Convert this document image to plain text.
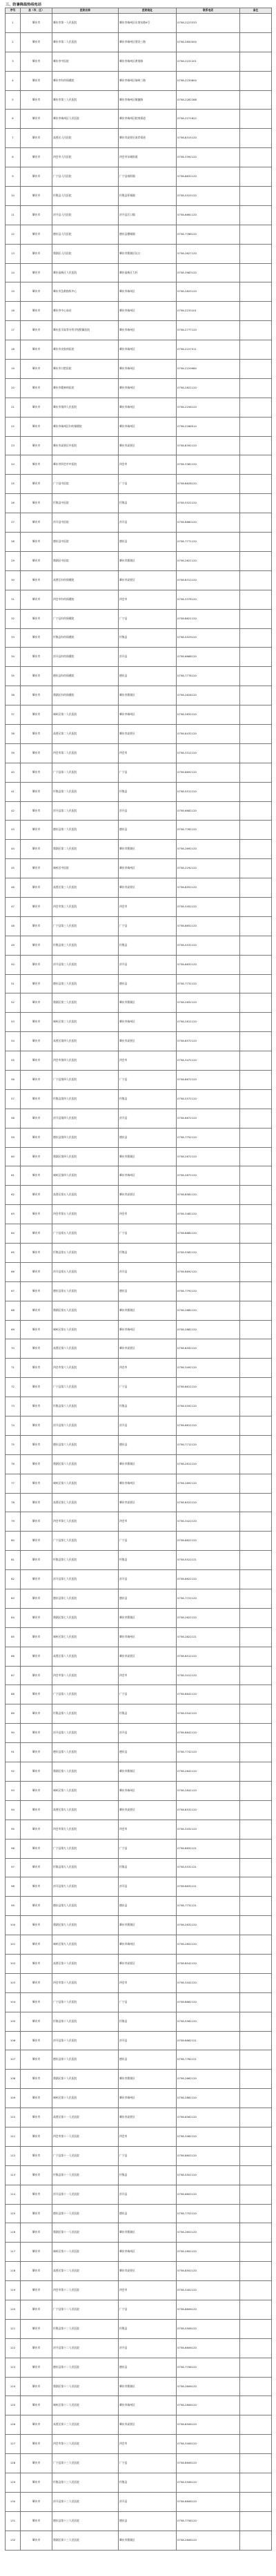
三、防暑降温热线电话
序号	县（市、区）	医院名称	医院地址	联系电话	备注
1	肇庆市	肇庆市第一人民医院	肇庆市端州区东岗东路9号	0758-2223333	
2	肇庆市	肇庆市第二人民医院	肇庆市端州区建设三路	0758-2850000	
3	肇庆市	肇庆市中医院	肇庆市端州区黄岗路	0758-2231201	
4	肇庆市	肇庆市妇幼保健院	肇庆市端州区端州三路	0758-2230800	
5	肇庆市	肇庆市第三人民医院	肇庆市端州区敏捷路	0758-2282288	
6	肇庆市	肇庆市端州区人民医院	肇庆市端州区睦岗街道	0758-2271622	
7	肇庆市	高要区人民医院	肇庆市高要区南岸街道	0758-8315120	
8	肇庆市	四会市人民医院	四会市东城街道	0758-3392120	
9	肇庆市	广宁县人民医院	广宁县南街镇	0758-8632120	
10	肇庆市	怀集县人民医院	怀集县怀城镇	0758-5525120	
11	肇庆市	封开县人民医院	封开县江口镇	0758-6661120	
12	肇庆市	德庆县人民医院	德庆县德城镇	0758-7788120	
13	肇庆市	鼎湖区人民医院	肇庆市鼎湖区坑口	0758-2627120	
14	肇庆市	肇庆高新区人民医院	肇庆高新区大旺	0758-3983120	
15	肇庆市	肇庆市急救指挥中心	肇庆市端州区	0758-2825120	
16	肇庆市	肇庆市中心血站	肇庆市端州区	0758-2233101	
17	肇庆市	肇庆医学高等专科学校附属医院	肇庆市端州区	0758-2777120	
18	肇庆市	肇庆市皮肤病医院	肇庆市端州区	0758-2227511	
19	肇庆市	肇庆市口腔医院	肇庆市端州区	0758-2229980	
20	肇庆市	肇庆市精神病医院	肇庆市端州区	0758-2822120	
21	肇庆市	肇庆市第四人民医院	肇庆市端州区	0758-2258120	
22	肇庆市	肇庆市端州区妇幼保健院	肇庆市端州区	0758-2266510	
23	肇庆市	肇庆市高要区中医院	肇庆市高要区	0758-8392120	
24	肇庆市	肇庆市四会市中医院	四会市	0758-3382120	
25	肇庆市	广宁县中医院	广宁县	0758-8628120	
26	肇庆市	怀集县中医院	怀集县	0758-5522120	
27	肇庆市	封开县中医院	封开县	0758-6660120	
28	肇庆市	德庆县中医院	德庆县	0758-7771120	
29	肇庆市	鼎湖区中医院	肇庆市鼎湖区	0758-2621120	
30	肇庆市	高要区妇幼保健院	肇庆市高要区	0758-8312120	
31	肇庆市	四会市妇幼保健院	四会市	0758-3376120	
32	肇庆市	广宁县妇幼保健院	广宁县	0758-8621120	
33	肇庆市	怀集县妇幼保健院	怀集县	0758-5529120	
34	肇庆市	封开县妇幼保健院	封开县	0758-6668120	
35	肇庆市	德庆县妇幼保健院	德庆县	0758-7778120	
36	肇庆市	鼎湖区妇幼保健院	肇庆市鼎湖区	0758-2628120	
37	肇庆市	端州区第二人民医院	肇庆市端州区	0758-2832120	
38	肇庆市	高要区第二人民医院	肇庆市高要区	0758-8432120	
39	肇庆市	四会市第二人民医院	四会市	0758-3312120	
40	肇庆市	广宁县第二人民医院	广宁县	0758-8692120	
41	肇庆市	怀集县第二人民医院	怀集县	0758-5512120	
42	肇庆市	封开县第二人民医院	封开县	0758-6682120	
43	肇庆市	德庆县第二人民医院	德庆县	0758-7762120	
44	肇庆市	鼎湖区第二人民医院	肇庆市鼎湖区	0758-2692120	
45	肇庆市	端州区中医院	肇庆市端州区	0758-2292120	
46	肇庆市	高要区第三人民医院	肇庆市高要区	0758-8552120	
47	肇庆市	四会市第三人民医院	四会市	0758-3452120	
48	肇庆市	广宁县第三人民医院	广宁县	0758-8652120	
49	肇庆市	怀集县第三人民医院	怀集县	0758-5532120	
50	肇庆市	封开县第三人民医院	封开县	0758-6632120	
51	肇庆市	德庆县第三人民医院	德庆县	0758-7732120	
52	肇庆市	鼎湖区第三人民医院	肇庆市鼎湖区	0758-2652120	
53	肇庆市	端州区第三人民医院	肇庆市端州区	0758-2812120	
54	肇庆市	高要区第四人民医院	肇庆市高要区	0758-8572120	
55	肇庆市	四会市第四人民医院	四会市	0758-3472120	
56	肇庆市	广宁县第四人民医院	广宁县	0758-8672120	
57	肇庆市	怀集县第四人民医院	怀集县	0758-5572120	
58	肇庆市	封开县第四人民医院	封开县	0758-6672120	
59	肇庆市	德庆县第四人民医院	德庆县	0758-7752120	
60	肇庆市	鼎湖区第四人民医院	肇庆市鼎湖区	0758-2672120	
61	肇庆市	端州区第四人民医院	肇庆市端州区	0758-2872120	
62	肇庆市	高要区第五人民医院	肇庆市高要区	0758-8582120	
63	肇庆市	四会市第五人民医院	四会市	0758-3482120	
64	肇庆市	广宁县第五人民医院	广宁县	0758-8682120	
65	肇庆市	怀集县第五人民医院	怀集县	0758-5582120	
66	肇庆市	封开县第五人民医院	封开县	0758-6692120	
67	肇庆市	德庆县第五人民医院	德庆县	0758-7792120	
68	肇庆市	鼎湖区第五人民医院	肇庆市鼎湖区	0758-2682120	
69	肇庆市	端州区第五人民医院	肇庆市端州区	0758-2882120	
70	肇庆市	高要区第六人民医院	肇庆市高要区	0758-8592120	
71	肇庆市	四会市第六人民医院	四会市	0758-3492120	
72	肇庆市	广宁县第六人民医院	广宁县	0758-8612120	
73	肇庆市	怀集县第六人民医院	怀集县	0758-5592120	
74	肇庆市	封开县第六人民医院	封开县	0758-6612120	
75	肇庆市	德庆县第六人民医院	德庆县	0758-7712120	
76	肇庆市	鼎湖区第六人民医院	肇庆市鼎湖区	0758-2612120	
77	肇庆市	端州区第六人民医院	肇庆市端州区	0758-2892120	
78	肇庆市	高要区第七人民医院	肇庆市高要区	0758-8522120	
79	肇庆市	四会市第七人民医院	四会市	0758-3422120	
80	肇庆市	广宁县第七人民医院	广宁县	0758-8622120	
81	肇庆市	怀集县第七人民医院	怀集县	0758-5522121	
82	肇庆市	封开县第七人民医院	封开县	0758-6622120	
83	肇庆市	德庆县第七人民医院	德庆县	0758-7722120	
84	肇庆市	鼎湖区第七人民医院	肇庆市鼎湖区	0758-2622120	
85	肇庆市	端州区第七人民医院	肇庆市端州区	0758-2822121	
86	肇庆市	高要区第八人民医院	肇庆市高要区	0758-8512120	
87	肇庆市	四会市第八人民医院	四会市	0758-3412120	
88	肇庆市	广宁县第八人民医院	广宁县	0758-8642120	
89	肇庆市	怀集县第八人民医院	怀集县	0758-5542120	
90	肇庆市	封开县第八人民医院	封开县	0758-6642120	
91	肇庆市	德庆县第八人民医院	德庆县	0758-7742120	
92	肇庆市	鼎湖区第八人民医院	肇庆市鼎湖区	0758-2642120	
93	肇庆市	端州区第八人民医院	肇庆市端州区	0758-2842120	
94	肇庆市	高要区第九人民医院	肇庆市高要区	0758-8532120	
95	肇庆市	四会市第九人民医院	四会市	0758-3432120	
96	肇庆市	广宁县第九人民医院	广宁县	0758-8632121	
97	肇庆市	怀集县第九人民医院	怀集县	0758-5532121	
98	肇庆市	封开县第九人民医院	封开县	0758-6632121	
99	肇庆市	德庆县第九人民医院	德庆县	0758-7732121	
100	肇庆市	鼎湖区第九人民医院	肇庆市鼎湖区	0758-2632120	
101	肇庆市	端州区第九人民医院	肇庆市端州区	0758-2852120	
102	肇庆市	高要区第十人民医院	肇庆市高要区	0758-8542120	
103	肇庆市	四会市第十人民医院	四会市	0758-3442120	
104	肇庆市	广宁县第十人民医院	广宁县	0758-8662120	
105	肇庆市	怀集县第十人民医院	怀集县	0758-5562120	
106	肇庆市	封开县第十人民医院	封开县	0758-6662121	
107	肇庆市	德庆县第十人民医院	德庆县	0758-7762121	
108	肇庆市	鼎湖区第十人民医院	肇庆市鼎湖区	0758-2662120	
109	肇庆市	端州区第十人民医院	肇庆市端州区	0758-2862120	
110	肇庆市	高要区第十一人民医院	肇庆市高要区	0758-8562120	
111	肇庆市	四会市第十一人民医院	四会市	0758-3462120	
112	肇庆市	广宁县第十一人民医院	广宁县	0758-8602120	
113	肇庆市	怀集县第十一人民医院	怀集县	0758-5502120	
114	肇庆市	封开县第十一人民医院	封开县	0758-6602120	
115	肇庆市	德庆县第十一人民医院	德庆县	0758-7702120	
116	肇庆市	鼎湖区第十一人民医院	肇庆市鼎湖区	0758-2602120	
117	肇庆市	端州区第十一人民医院	肇庆市端州区	0758-2802120	
118	肇庆市	高要区第十二人民医院	肇庆市高要区	0758-8502120	
119	肇庆市	四会市第十二人民医院	四会市	0758-3402120	
120	肇庆市	广宁县第十二人民医院	广宁县	0758-8606120	
121	肇庆市	怀集县第十二人民医院	怀集县	0758-5506120	
122	肇庆市	封开县第十二人民医院	封开县	0758-6606120	
123	肇庆市	德庆县第十二人民医院	德庆县	0758-7706120	
124	肇庆市	鼎湖区第十二人民医院	肇庆市鼎湖区	0758-2606120	
125	肇庆市	端州区第十二人民医院	肇庆市端州区	0758-2806120	
126	肇庆市	高要区第十三人民医院	肇庆市高要区	0758-8506120	
127	肇庆市	四会市第十三人民医院	四会市	0758-3406120	
128	肇庆市	广宁县第十三人民医院	广宁县	0758-8608120	
129	肇庆市	怀集县第十三人民医院	怀集县	0758-5508120	
130	肇庆市	封开县第十三人民医院	封开县	0758-6608120	
131	肇庆市	德庆县第十三人民医院	德庆县	0758-7708120	
132	肇庆市	鼎湖区第十三人民医院	肇庆市鼎湖区	0758-2608120	
